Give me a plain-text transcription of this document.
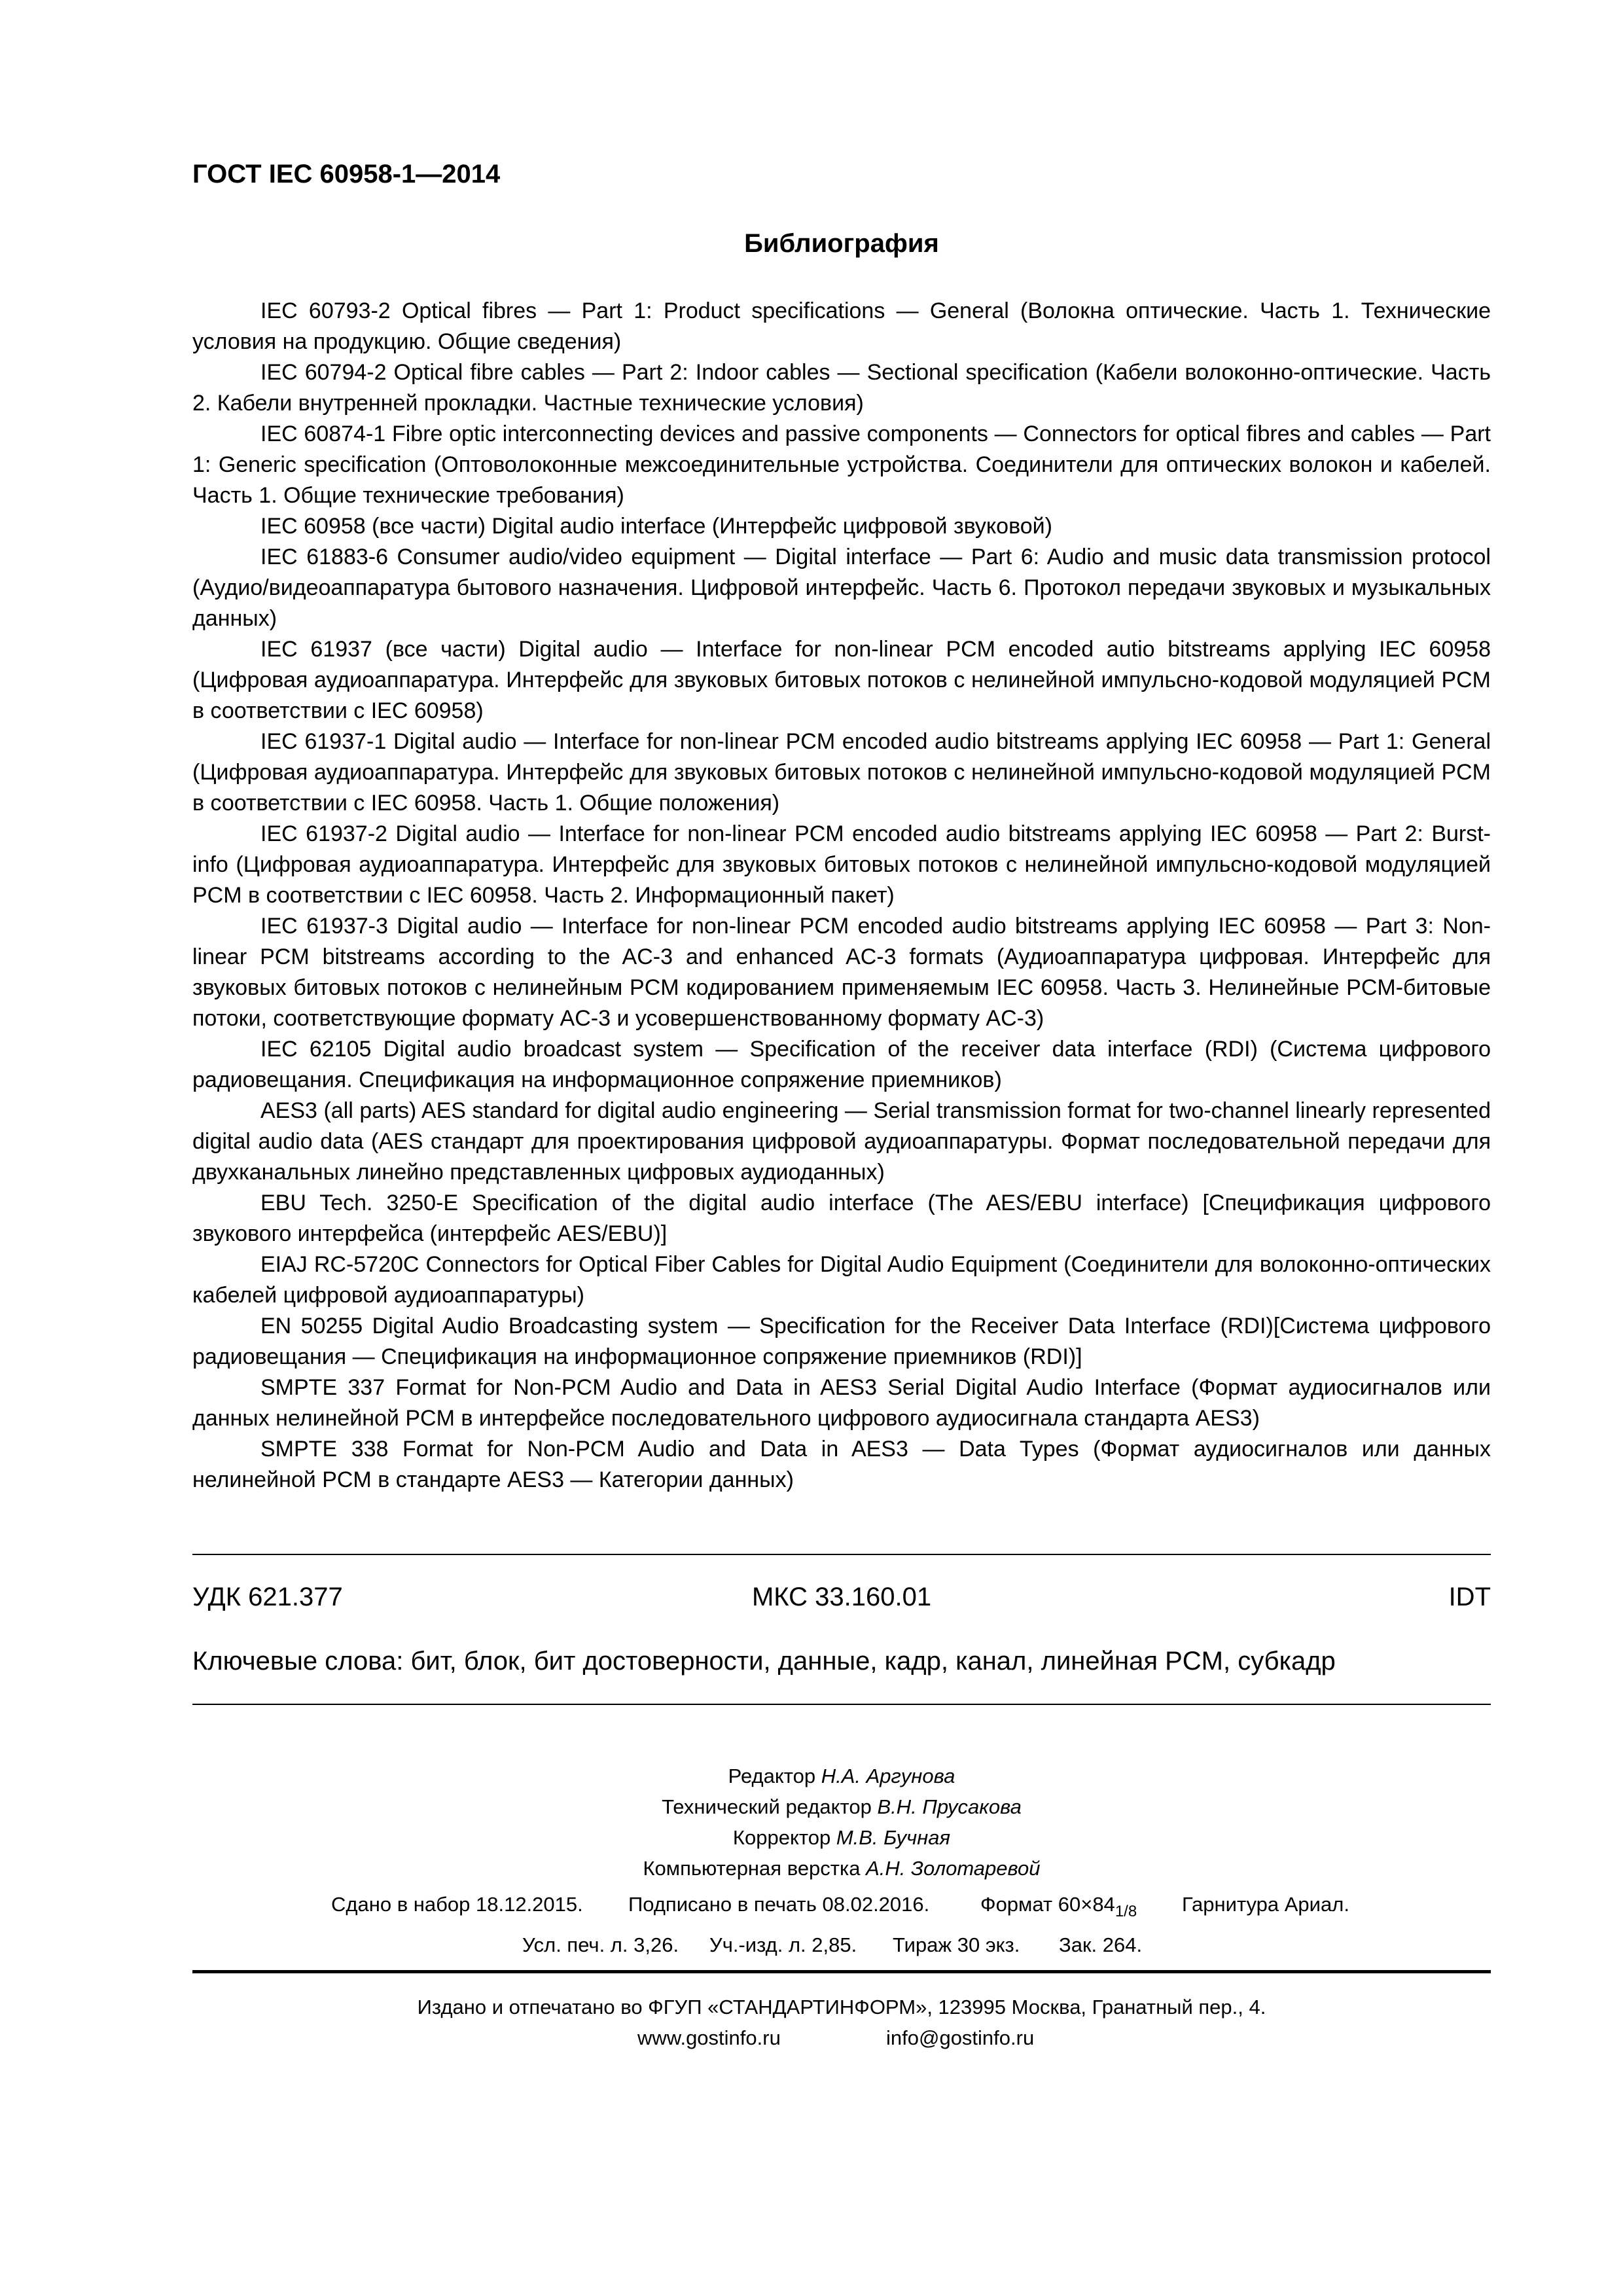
ГОСТ IEC 60958-1—2014
Библиография

IEC 60793-2 Optical fibres — Part 1: Product specifications — General (Волокна оптические. Часть 1. Технические условия на продукцию. Общие сведения)

IEC 60794-2 Optical fibre cables — Part 2: Indoor cables — Sectional specification (Кабели волоконно-оптические. Часть 2. Кабели внутренней прокладки. Частные технические условия)

IEC 60874-1 Fibre optic interconnecting devices and passive components — Connectors for optical fibres and cables — Part 1: Generic specification (Оптоволоконные межсоединительные устройства. Соединители для оптических волокон и кабелей. Часть 1. Общие технические требования)

IEC 60958 (все части) Digital audio interface (Интерфейс цифровой звуковой)

IEC 61883-6 Consumer audio/video equipment — Digital interface — Part 6: Audio and music data transmission protocol (Аудио/видеоаппаратура бытового назначения. Цифровой интерфейс. Часть 6. Протокол передачи звуковых и музыкальных данных)

IEC 61937 (все части) Digital audio — Interface for non-linear PCM encoded autio bitstreams applying IEC 60958 (Цифровая аудиоаппаратура. Интерфейс для звуковых битовых потоков с нелинейной импульсно-кодовой модуляцией PCM в соответствии с IEC 60958)

IEC 61937-1 Digital audio — Interface for non-linear PCM encoded audio bitstreams applying IEC 60958 — Part 1: General (Цифровая аудиоаппаратура. Интерфейс для звуковых битовых потоков с нелинейной импульсно-кодовой модуляцией PCM в соответствии с IEC 60958. Часть 1. Общие положения)

IEC 61937-2 Digital audio — Interface for non-linear PCM encoded audio bitstreams applying IEC 60958 — Part 2: Burst-info (Цифровая аудиоаппаратура. Интерфейс для звуковых битовых потоков с нелинейной импульсно-кодовой модуляцией PCM в соответствии с IEC 60958. Часть 2. Информационный пакет)

IEC 61937-3 Digital audio — Interface for non-linear PCM encoded audio bitstreams applying IEC 60958 — Part 3: Non-linear PCM bitstreams according to the AC-3 and enhanced AC-3 formats (Аудиоаппаратура цифровая. Интерфейс для звуковых битовых потоков с нелинейным PCM кодированием применяемым IEC 60958. Часть 3. Нелинейные PCM-битовые потоки, соответствующие формату AC-3 и усовершенствованному формату AC-3)

IEC 62105 Digital audio broadcast system — Specification of the receiver data interface (RDI) (Система цифрового радиовещания. Спецификация на информационное сопряжение приемников)

AES3 (all parts) AES standard for digital audio engineering — Serial transmission format for two-channel linearly represented digital audio data (AES стандарт для проектирования цифровой аудиоаппаратуры. Формат последовательной передачи для двухканальных линейно представленных цифровых аудиоданных)

EBU Tech. 3250-E Specification of the digital audio interface (The AES/EBU interface) [Спецификация цифрового звукового интерфейса (интерфейс AES/EBU)]

EIAJ RC-5720C Connectors for Optical Fiber Cables for Digital Audio Equipment (Соединители для волоконно-оптических кабелей цифровой аудиоаппаратуры)

EN 50255 Digital Audio Broadcasting system — Specification for the Receiver Data Interface (RDI)[Система цифрового радиовещания — Спецификация на информационное сопряжение приемников (RDI)]

SMPTE 337 Format for Non-PCM Audio and Data in AES3 Serial Digital Audio Interface (Формат аудиосигналов или данных нелинейной PCM в интерфейсе последовательного цифрового аудиосигнала стандарта AES3)

SMPTE 338 Format for Non-PCM Audio and Data in AES3 — Data Types (Формат аудиосигналов или данных нелинейной PCM в стандарте AES3 — Категории данных)

УДК 621.377	МКС 33.160.01	IDT
Ключевые слова: бит, блок, бит достоверности, данные, кадр, канал, линейная PCM, субкадр
Редактор Н.А. Аргунова
Технический редактор В.Н. Прусакова
Корректор М.В. Бучная
Компьютерная верстка А.Н. Золотаревой
Сдано в набор 18.12.2015. Подписано в печать 08.02.2016.	Формат $60\times 84_{1/8}$ Гарнитура Ариал.
Усл. печ. л. 3,26. Уч.-изд. л. 2,85. Тираж 30 экз. Зак. 264.
Издано и отпечатано во ФГУП «СТАНДАРТИНФОРМ», 123995 Москва, Гранатный пер., 4.
www.gostinfo.ru	info@gostinfo.ru
